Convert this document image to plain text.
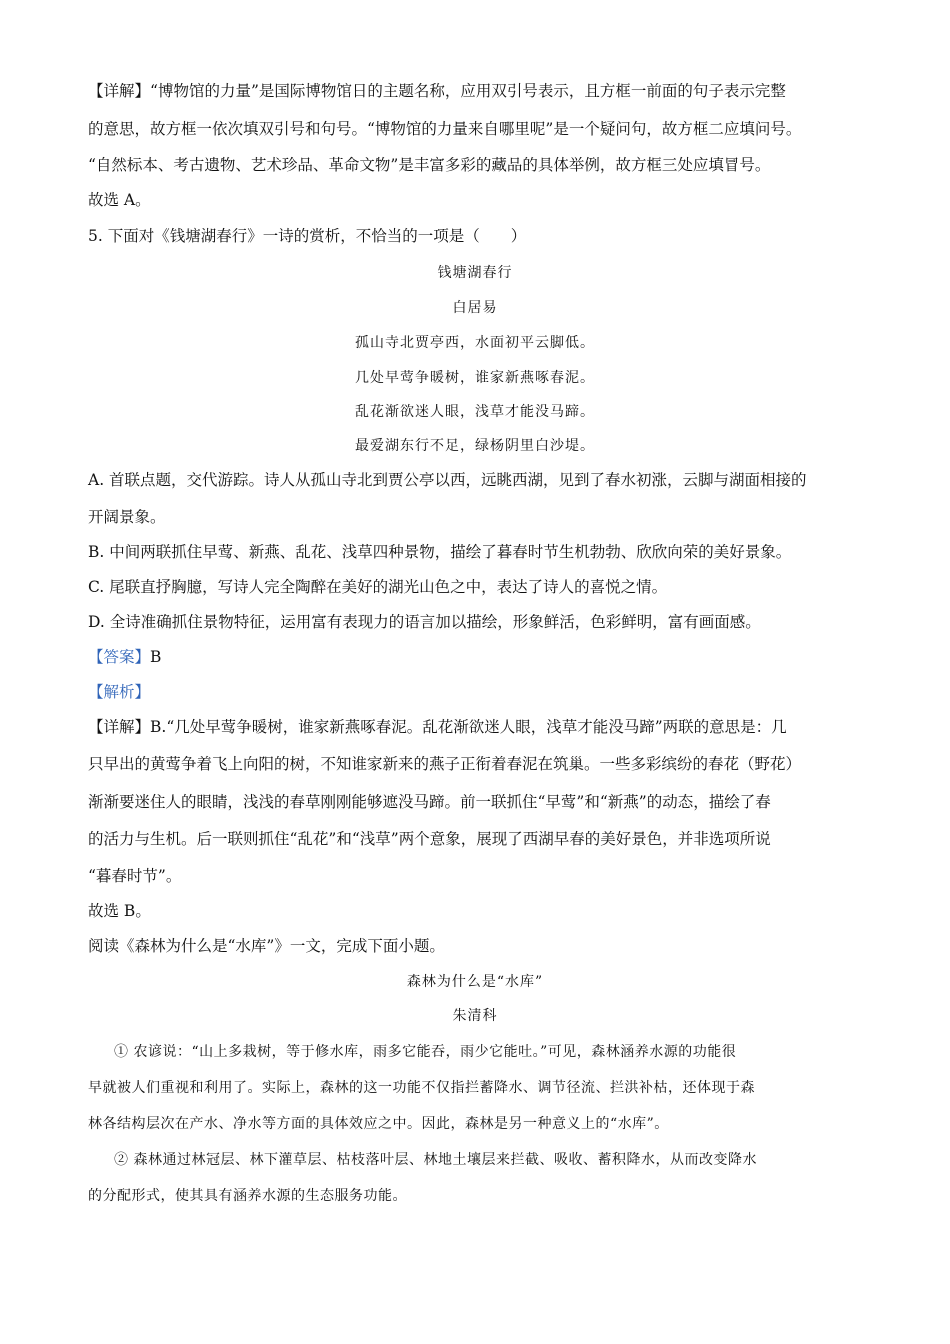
【详解】“博物馆的力量”是国际博物馆日的主题名称，应用双引号表示，且方框一前面的句子表示完整
的意思，故方框一依次填双引号和句号。“博物馆的力量来自哪里呢”是一个疑问句，故方框二应填问号。
“自然标本、考古遗物、艺术珍品、革命文物”是丰富多彩的藏品的具体举例，故方框三处应填冒号。
故选 A。
5. 下面对《钱塘湖春行》一诗的赏析，不恰当的一项是（　　）
钱塘湖春行
白居易
孤山寺北贾亭西，水面初平云脚低。
几处早莺争暖树，谁家新燕啄春泥。
乱花渐欲迷人眼，浅草才能没马蹄。
最爱湖东行不足，绿杨阴里白沙堤。
A. 首联点题，交代游踪。诗人从孤山寺北到贾公亭以西，远眺西湖，见到了春水初涨，云脚与湖面相接的
开阔景象。
B. 中间两联抓住早莺、新燕、乱花、浅草四种景物，描绘了暮春时节生机勃勃、欣欣向荣的美好景象。
C. 尾联直抒胸臆，写诗人完全陶醉在美好的湖光山色之中，表达了诗人的喜悦之情。
D. 全诗准确抓住景物特征，运用富有表现力的语言加以描绘，形象鲜活，色彩鲜明，富有画面感。
【答案】B
【解析】
【详解】B.“几处早莺争暖树，谁家新燕啄春泥。乱花渐欲迷人眼，浅草才能没马蹄”两联的意思是：几
只早出的黄莺争着飞上向阳的树，不知谁家新来的燕子正衔着春泥在筑巢。一些多彩缤纷的春花（野花）
渐渐要迷住人的眼睛，浅浅的春草刚刚能够遮没马蹄。前一联抓住“早莺”和“新燕”的动态，描绘了春
的活力与生机。后一联则抓住“乱花”和“浅草”两个意象，展现了西湖早春的美好景色，并非选项所说
“暮春时节”。
故选 B。
阅读《森林为什么是“水库”》一文，完成下面小题。
森林为什么是“水库”
朱清科
① 农谚说：“山上多栽树，等于修水库，雨多它能吞，雨少它能吐。”可见，森林涵养水源的功能很
早就被人们重视和利用了。实际上，森林的这一功能不仅指拦蓄降水、调节径流、拦洪补枯，还体现于森
林各结构层次在产水、净水等方面的具体效应之中。因此，森林是另一种意义上的“水库”。
② 森林通过林冠层、林下灌草层、枯枝落叶层、林地土壤层来拦截、吸收、蓄积降水，从而改变降水
的分配形式，使其具有涵养水源的生态服务功能。
